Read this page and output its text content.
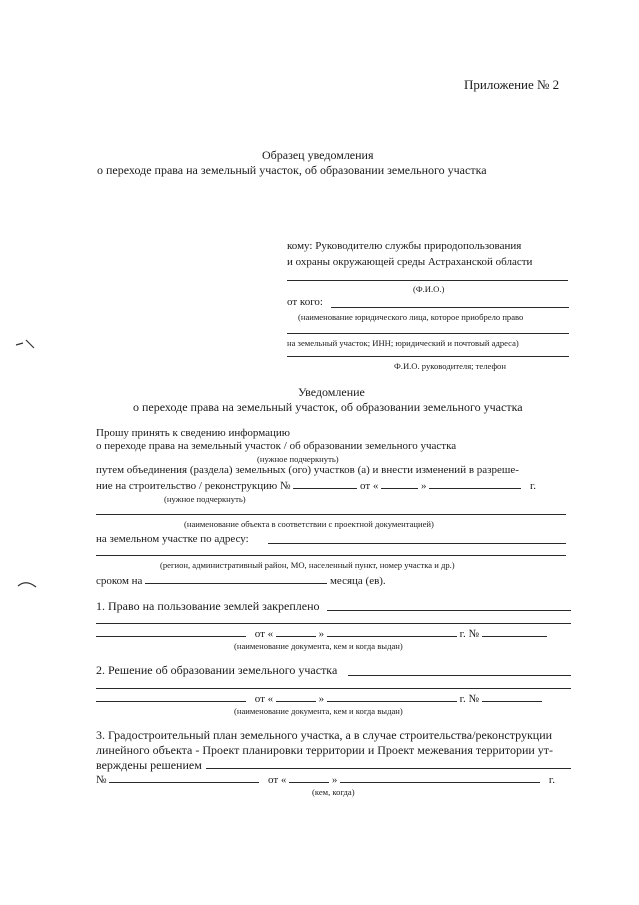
Приложение № 2
Образец уведомления
о переходе права на земельный участок, об образовании земельного участка
кому: Руководителю службы природопользования
и охраны окружающей среды Астраханской области
(Ф.И.О.)
от кого:
(наименование юридического лица, которое приобрело право
на земельный участок; ИНН; юридический и почтовый адреса)
Ф.И.О. руководителя; телефон
Уведомление
о переходе права на земельный участок, об образовании земельного участка
Прошу принять к сведению информацию
о переходе права на земельный участок / об образовании земельного участка
(нужное подчеркнуть)
путем объединения (раздела) земельных (ого) участков (а) и внести изменений в разреше-
ние на строительство / реконструкцию №	от «	»	г.
(нужное подчеркнуть)
(наименование объекта в соответствии с проектной документацией)
на земельном участке по адресу:
(регион, административный район, МО, населенный пункт, номер участка и др.)
сроком на	месяца (ев).
1. Право на пользование землей закреплено
от «	»	г. №
(наименование документа, кем и когда выдан)
2. Решение об образовании земельного участка
от «	»	г. №
(наименование документа, кем и когда выдан)
3. Градостроительный план земельного участка, а в случае строительства/реконструкции
линейного объекта - Проект планировки территории и Проект межевания территории ут-
верждены решением
№	от «	»	г.
(кем, когда)
